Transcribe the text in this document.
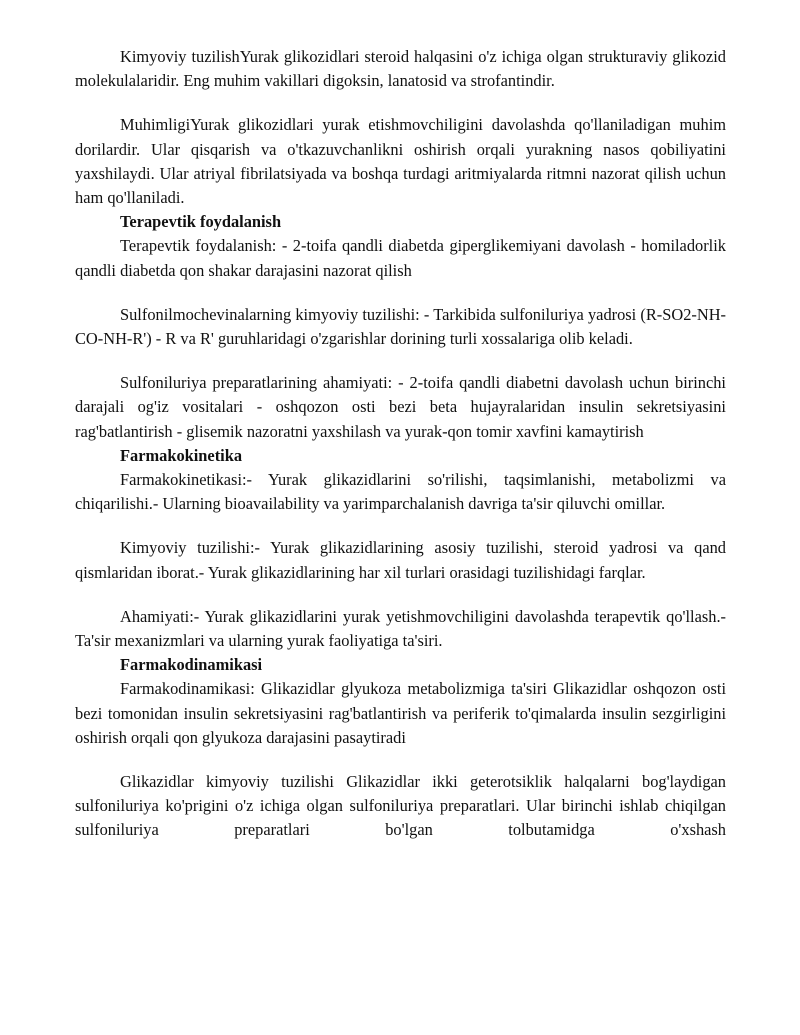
Kimyoviy tuzilishYurak glikozidlari steroid halqasini o'z ichiga olgan strukturaviy glikozid molekulalaridir. Eng muhim vakillari digoksin, lanatosid va strofantindir.

MuhimligiYurak glikozidlari yurak etishmovchiligini davolashda qo'llaniladigan muhim dorilardir. Ular qisqarish va o'tkazuvchanlikni oshirish orqali yurakning nasos qobiliyatini yaxshilaydi. Ular atriyal fibrilatsiyada va boshqa turdagi aritmiyalarda ritmni nazorat qilish uchun ham qo'llaniladi.

Terapevtik foydalanish

Terapevtik foydalanish: - 2-toifa qandli diabetda giperglikemiyani davolash - homiladorlik qandli diabetda qon shakar darajasini nazorat qilish

Sulfonilmochevinalarning kimyoviy tuzilishi: - Tarkibida sulfoniluriya yadrosi (R-SO2-NH-CO-NH-R') - R va R' guruhlaridagi o'zgarishlar dorining turli xossalariga olib keladi.

Sulfoniluriya preparatlarining ahamiyati: - 2-toifa qandli diabetni davolash uchun birinchi darajali og'iz vositalari - oshqozon osti bezi beta hujayralaridan insulin sekretsiyasini rag'batlantirish - glisemik nazoratni yaxshilash va yurak-qon tomir xavfini kamaytirish

Farmakokinetika

Farmakokinetikasi:- Yurak glikazidlarini so'rilishi, taqsimlanishi, metabolizmi va chiqarilishi.- Ularning bioavailability va yarimparchalanish davriga ta'sir qiluvchi omillar.

Kimyoviy tuzilishi:- Yurak glikazidlarining asosiy tuzilishi, steroid yadrosi va qand qismlaridan iborat.- Yurak glikazidlarining har xil turlari orasidagi tuzilishidagi farqlar.

Ahamiyati:- Yurak glikazidlarini yurak yetishmovchiligini davolashda terapevtik qo'llash.- Ta'sir mexanizmlari va ularning yurak faoliyatiga ta'siri.

Farmakodinamikasi

Farmakodinamikasi: Glikazidlar glyukoza metabolizmiga ta'siri Glikazidlar oshqozon osti bezi tomonidan insulin sekretsiyasini rag'batlantirish va periferik to'qimalarda insulin sezgirligini oshirish orqali qon glyukoza darajasini pasaytiradi

Glikazidlar kimyoviy tuzilishi Glikazidlar ikki geterotsiklik halqalarni bog'laydigan sulfoniluriya ko'prigini o'z ichiga olgan sulfoniluriya preparatlari. Ular birinchi ishlab chiqilgan sulfoniluriya preparatlari bo'lgan tolbutamidga o'xshash
